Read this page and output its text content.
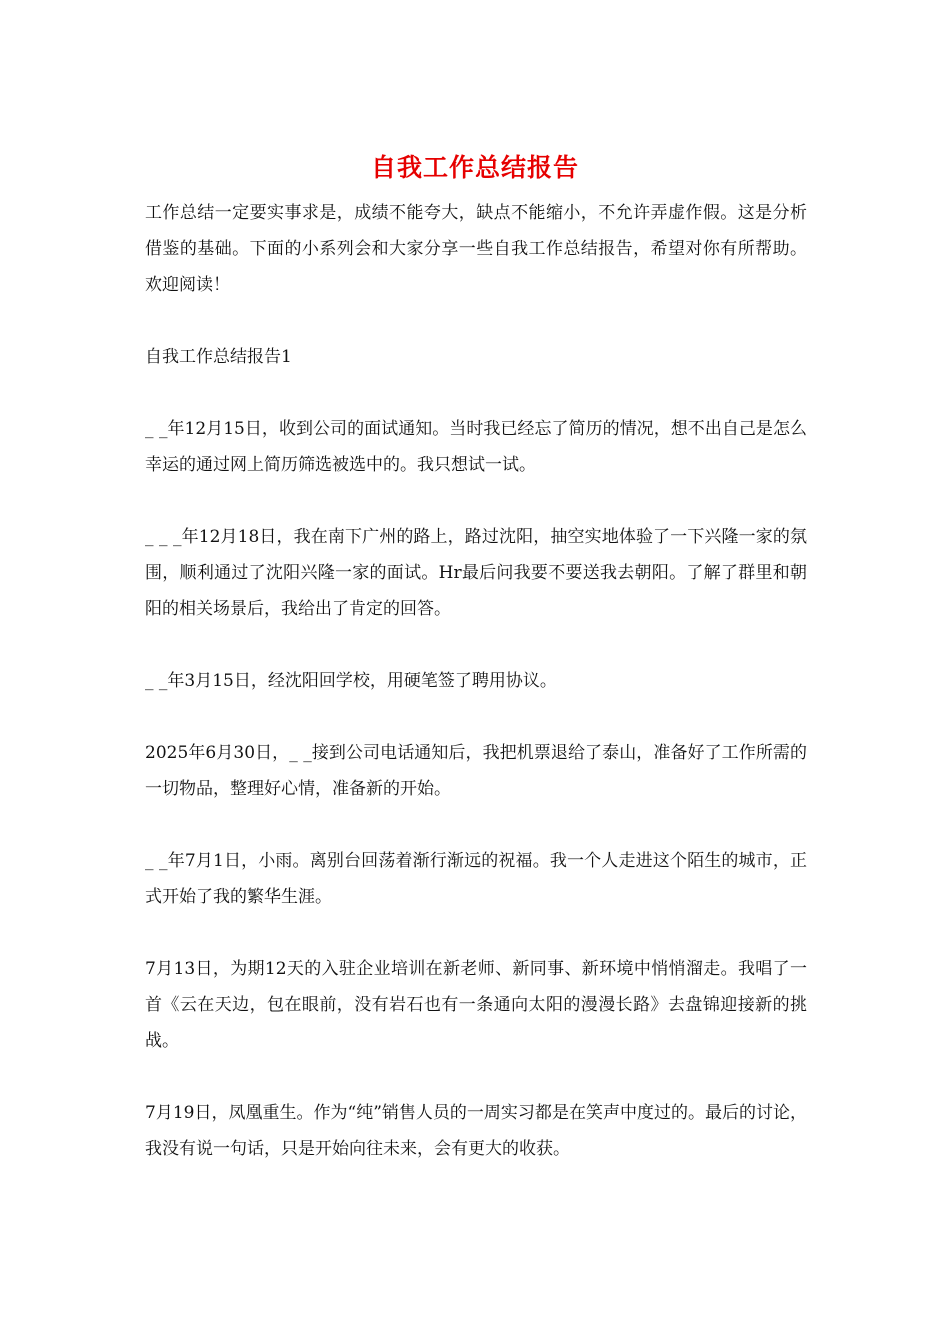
自我工作总结报告

工作总结一定要实事求是，成绩不能夸大，缺点不能缩小，不允许弄虚作假。这是分析借鉴的基础。下面的小系列会和大家分享一些自我工作总结报告，希望对你有所帮助。欢迎阅读！

自我工作总结报告1

_ _年12月15日，收到公司的面试通知。当时我已经忘了简历的情况，想不出自己是怎么幸运的通过网上简历筛选被选中的。我只想试一试。

_ _ _年12月18日，我在南下广州的路上，路过沈阳，抽空实地体验了一下兴隆一家的氛围，顺利通过了沈阳兴隆一家的面试。Hr最后问我要不要送我去朝阳。了解了群里和朝阳的相关场景后，我给出了肯定的回答。

_ _年3月15日，经沈阳回学校，用硬笔签了聘用协议。

2025年6月30日，_ _接到公司电话通知后，我把机票退给了泰山，准备好了工作所需的一切物品，整理好心情，准备新的开始。

_ _年7月1日，小雨。离别台回荡着渐行渐远的祝福。我一个人走进这个陌生的城市，正式开始了我的繁华生涯。

7月13日，为期12天的入驻企业培训在新老师、新同事、新环境中悄悄溜走。我唱了一首《云在天边，包在眼前，没有岩石也有一条通向太阳的漫漫长路》去盘锦迎接新的挑战。

7月19日，凤凰重生。作为“纯”销售人员的一周实习都是在笑声中度过的。最后的讨论，我没有说一句话，只是开始向往未来，会有更大的收获。
